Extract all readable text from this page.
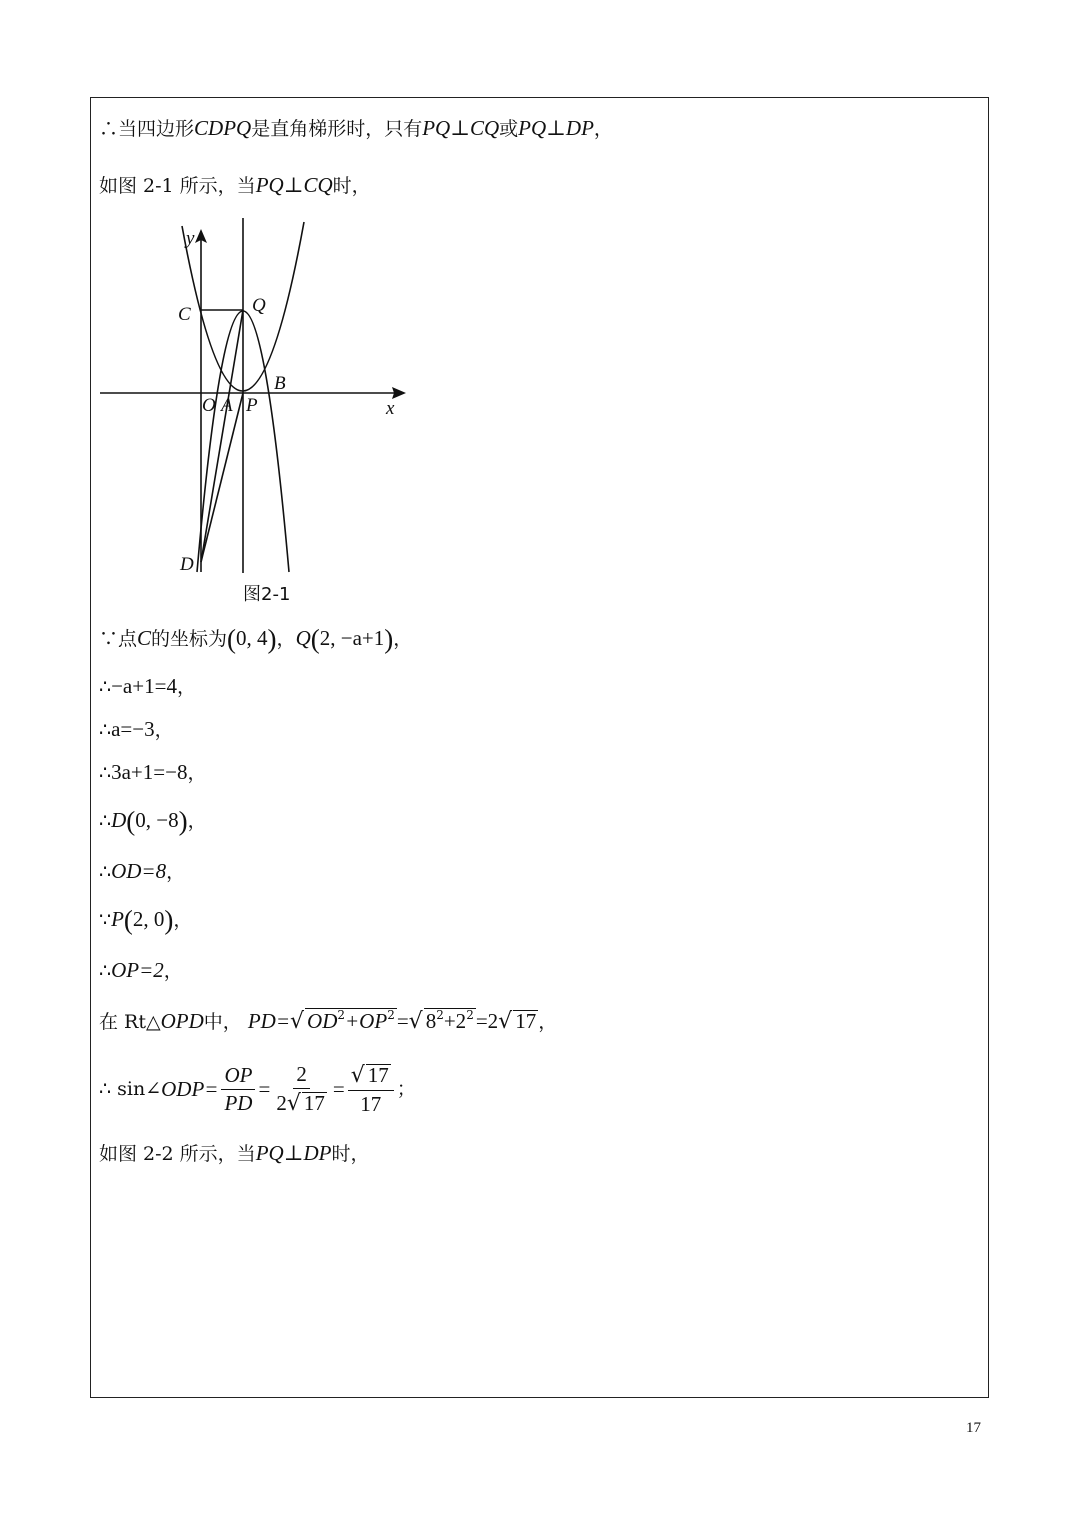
∴当四边形CDPQ是直角梯形时，只有PQ⊥CQ或PQ⊥DP，
如图 2-1 所示，当PQ⊥CQ时，
y
x
C	Q
B
O A P
D
图2-1
∵点C的坐标为(0, 4)，Q(2, −a+1)，
∴−a+1=4，
∴a=−3，
∴3a+1=−8，
∴D(0, −8)，
∴OD=8，
∵P(2, 0)，
∴OP=2，
在 Rt△OPD中， PD=√ $OD^2+OP^2=√$ $8^2+2^2=2√$ 17 ，
∴ sin∠ $ODP= \frac{OP}{PD} = \frac{2}{2√ 17} = \frac{√ 17}{17}$ ；
如图 2-2 所示，当PQ⊥DP时，
17
